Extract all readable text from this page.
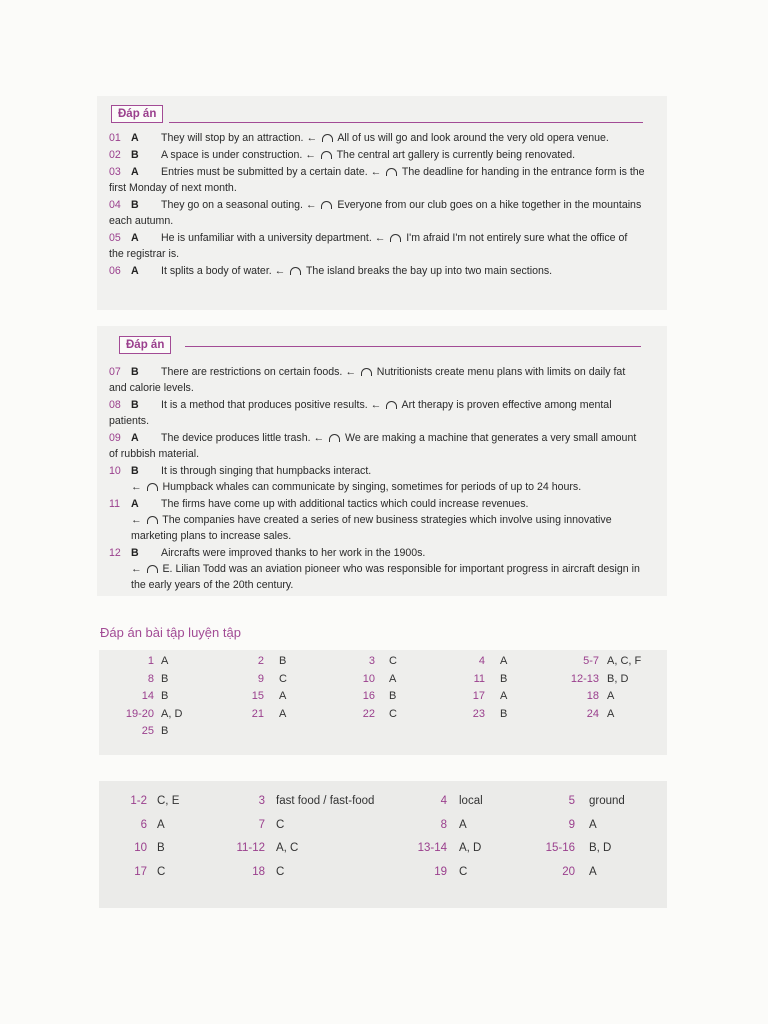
Đáp án
01 A They will stop by an attraction. ←  All of us will go and look around the very old opera venue.
02 B A space is under construction. ←  The central art gallery is currently being renovated.
03 A Entries must be submitted by a certain date. ←  The deadline for handing in the entrance form is the first Monday of next month.
04 B They go on a seasonal outing. ←  Everyone from our club goes on a hike together in the mountains each autumn.
05 A He is unfamiliar with a university department. ←  I'm afraid I'm not entirely sure what the office of the registrar is.
06 A It splits a body of water. ←  The island breaks the bay up into two main sections.
Đáp án
07 B There are restrictions on certain foods. ←  Nutritionists create menu plans with limits on daily fat and calorie levels.
08 B It is a method that produces positive results. ←  Art therapy is proven effective among mental patients.
09 A The device produces little trash. ←  We are making a machine that generates a very small amount of rubbish material.
10 B It is through singing that humpbacks interact.
←  Humpback whales can communicate by singing, sometimes for periods of up to 24 hours.
11 A The firms have come up with additional tactics which could increase revenues.
←  The companies have created a series of new business strategies which involve using innovative marketing plans to increase sales.
12 B Aircrafts were improved thanks to her work in the 1900s.
←  E. Lilian Todd was an aviation pioneer who was responsible for important progress in aircraft design in the early years of the 20th century.
Đáp án bài tập luyện tập
1 A	2 B	3 C	4 A	5-7 A, C, F
8 B	9 C	10 A	11 B	12-13 B, D
14 B	15 A	16 B	17 A	18 A
19-20 A, D	21 A	22 C	23 B	24 A
25 B
1-2 C, E	3 fast food / fast-food	4 local	5 ground
6 A	7 C	8 A	9 A
10 B	11-12 A, C	13-14 A, D	15-16 B, D
17 C	18 C	19 C	20 A
